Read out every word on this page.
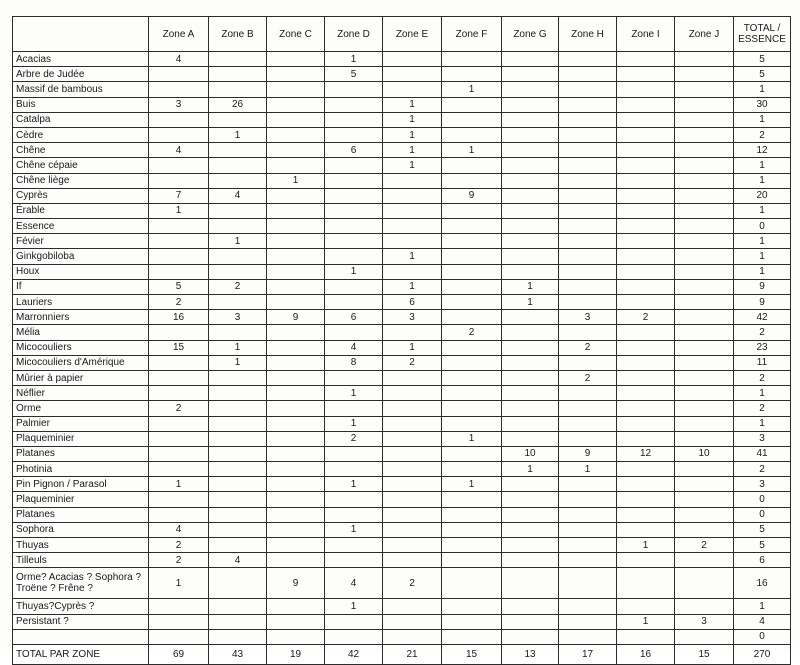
	Zone A	Zone B	Zone C	Zone D	Zone E	Zone F	Zone G	Zone H	Zone I	Zone J	TOTAL / ESSENCE
Acacias	4			1							5
Arbre de Judée				5							5
Massif de bambous						1					1
Buis	3	26			1						30
Catalpa					1						1
Cèdre		1			1						2
Chêne	4			6	1	1					12
Chêne cépaie					1						1
Chêne liège			1								1
Cyprès	7	4				9					20
Érable	1										1
Essence											0
Févier		1									1
Ginkgobiloba					1						1
Houx				1							1
If	5	2			1		1				9
Lauriers	2				6		1				9
Marronniers	16	3	9	6	3			3	2		42
Mélia						2					2
Micocouliers	15	1		4	1			2			23
Micocouliers d'Amérique		1		8	2						11
Mûrier à papier								2			2
Néflier				1							1
Orme	2										2
Palmier				1							1
Plaqueminier				2		1					3
Platanes							10	9	12	10	41
Photinia							1	1			2
Pin Pignon / Parasol	1			1		1					3
Plaqueminier											0
Platanes											0
Sophora	4			1							5
Thuyas	2								1	2	5
Tilleuls	2	4									6
Orme? Acacias ? Sophora ? Troëne ? Frêne ?	1		9	4	2						16
Thuyas?Cyprès ?				1							1
Persistant ?									1	3	4
											0
TOTAL PAR ZONE	69	43	19	42	21	15	13	17	16	15	270
